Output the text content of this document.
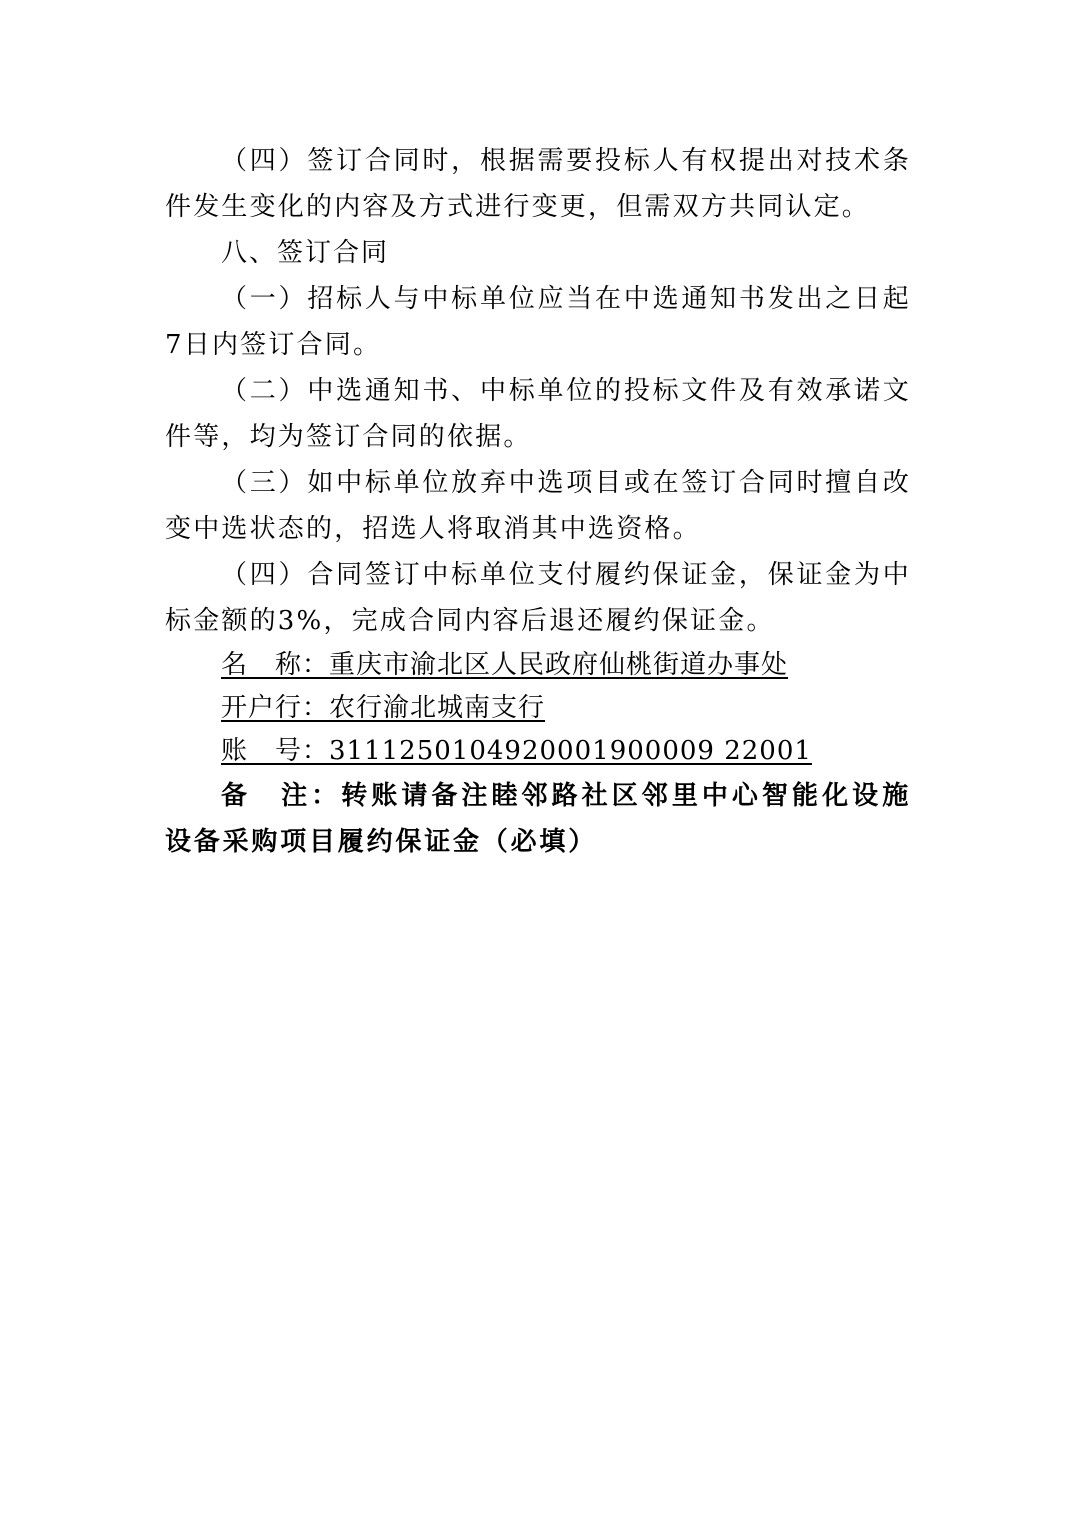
（四）签订合同时，根据需要投标人有权提出对技术条件发生变化的内容及方式进行变更，但需双方共同认定。

八、签订合同

（一）招标人与中标单位应当在中选通知书发出之日起7日内签订合同。

（二）中选通知书、中标单位的投标文件及有效承诺文件等，均为签订合同的依据。

（三）如中标单位放弃中选项目或在签订合同时擅自改变中选状态的，招选人将取消其中选资格。

（四）合同签订中标单位支付履约保证金，保证金为中标金额的3%，完成合同内容后退还履约保证金。

名　称：重庆市渝北区人民政府仙桃街道办事处

开户行：农行渝北城南支行

账　号：3111250104920001900009 22001

备　注：转账请备注睦邻路社区邻里中心智能化设施设备采购项目履约保证金（必填）
